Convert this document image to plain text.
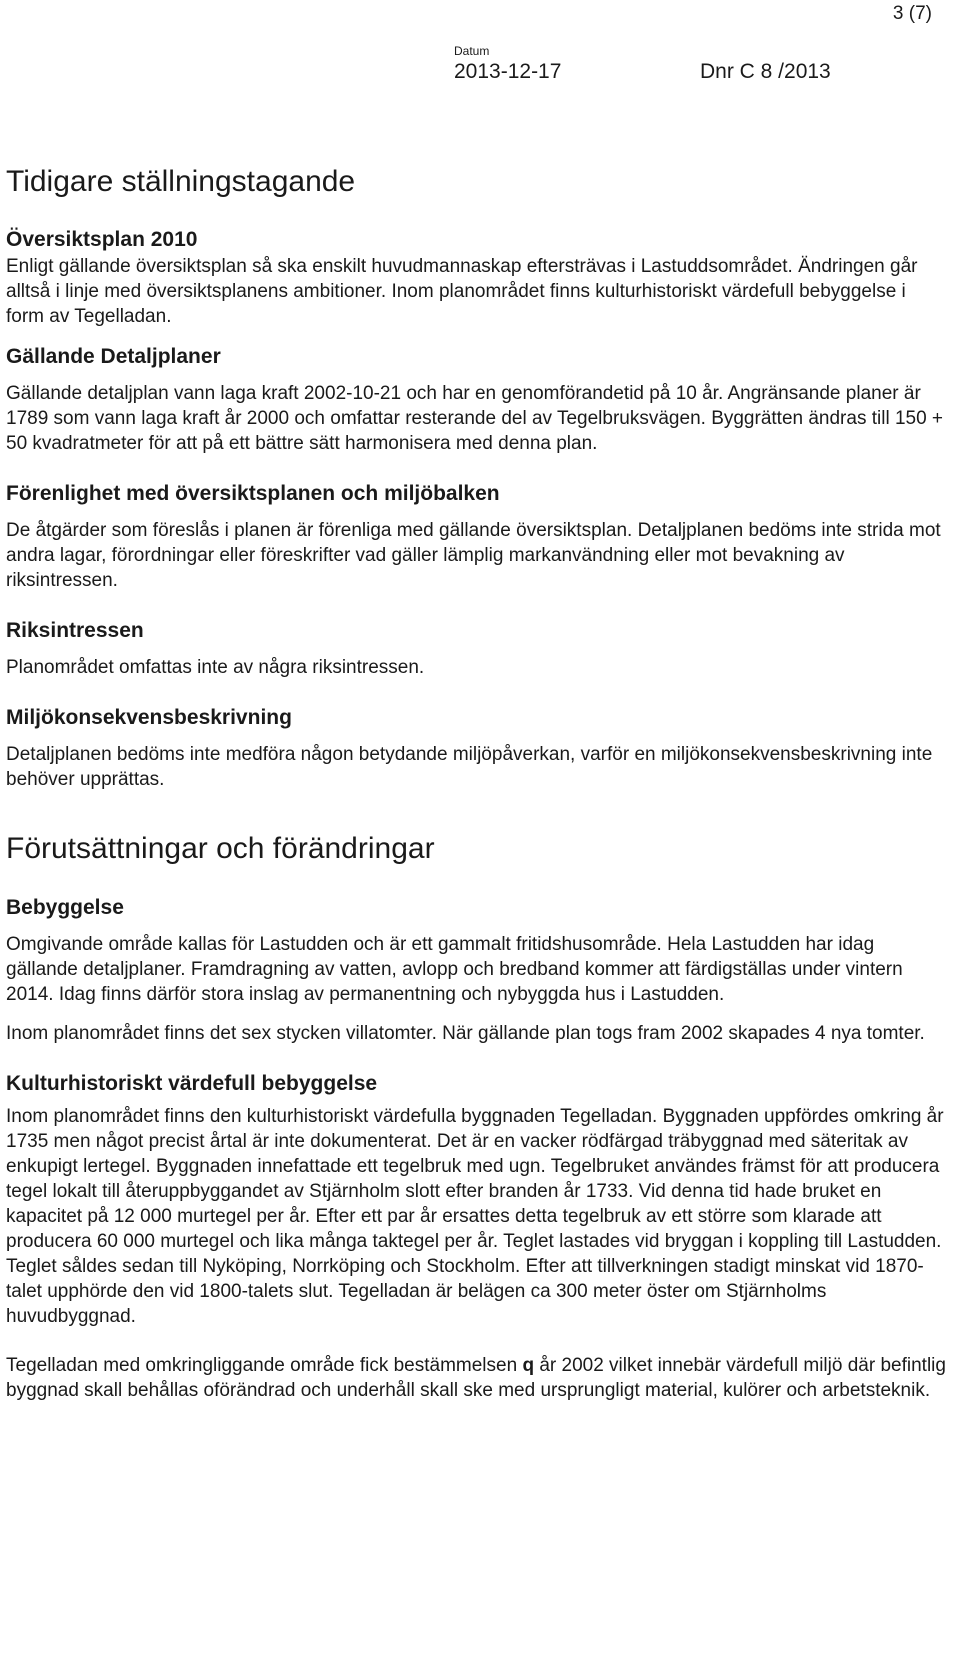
3 (7)
Datum
2013-12-17	Dnr C 8 /2013
Tidigare ställningstagande
Översiktsplan 2010

Enligt gällande översiktsplan så ska enskilt huvudmannaskap eftersträvas i Lastuddsområdet. Ändringen går alltså i linje med översiktsplanens ambitioner. Inom planområdet finns kulturhistoriskt värdefull bebyggelse i form av Tegelladan.

Gällande Detaljplaner

Gällande detaljplan vann laga kraft 2002-10-21 och har en genomförandetid på 10 år. Angränsande planer är 1789 som vann laga kraft år 2000 och omfattar resterande del av Tegelbruksvägen. Byggrätten ändras till 150 + 50 kvadratmeter för att på ett bättre sätt harmonisera med denna plan.

Förenlighet med översiktsplanen och miljöbalken

De åtgärder som föreslås i planen är förenliga med gällande översiktsplan. Detaljplanen bedöms inte strida mot andra lagar, förordningar eller föreskrifter vad gäller lämplig markanvändning eller mot bevakning av riksintressen.

Riksintressen

Planområdet omfattas inte av några riksintressen.

Miljökonsekvensbeskrivning

Detaljplanen bedöms inte medföra någon betydande miljöpåverkan, varför en miljökonsekvensbeskrivning inte behöver upprättas.

Förutsättningar och förändringar
Bebyggelse

Omgivande område kallas för Lastudden och är ett gammalt fritidshusområde. Hela Lastudden har idag gällande detaljplaner. Framdragning av vatten, avlopp och bredband kommer att färdigställas under vintern 2014. Idag finns därför stora inslag av permanentning och nybyggda hus i Lastudden.

Inom planområdet finns det sex stycken villatomter. När gällande plan togs fram 2002 skapades 4 nya tomter.

Kulturhistoriskt värdefull bebyggelse

Inom planområdet finns den kulturhistoriskt värdefulla byggnaden Tegelladan. Byggnaden uppfördes omkring år 1735 men något precist årtal är inte dokumenterat. Det är en vacker rödfärgad träbyggnad med säteritak av enkupigt lertegel. Byggnaden innefattade ett tegelbruk med ugn. Tegelbruket användes främst för att producera tegel lokalt till återuppbyggandet av Stjärnholm slott efter branden år 1733. Vid denna tid hade bruket en kapacitet på 12 000 murtegel per år. Efter ett par år ersattes detta tegelbruk av ett större som klarade att producera 60 000 murtegel och lika många taktegel per år. Teglet lastades vid bryggan i koppling till Lastudden. Teglet såldes sedan till Nyköping, Norrköping och Stockholm. Efter att tillverkningen stadigt minskat vid 1870-talet upphörde den vid 1800-talets slut. Tegelladan är belägen ca 300 meter öster om Stjärnholms huvudbyggnad.

Tegelladan med omkringliggande område fick bestämmelsen q år 2002 vilket innebär värdefull miljö där befintlig byggnad skall behållas oförändrad och underhåll skall ske med ursprungligt material, kulörer och arbetsteknik.
